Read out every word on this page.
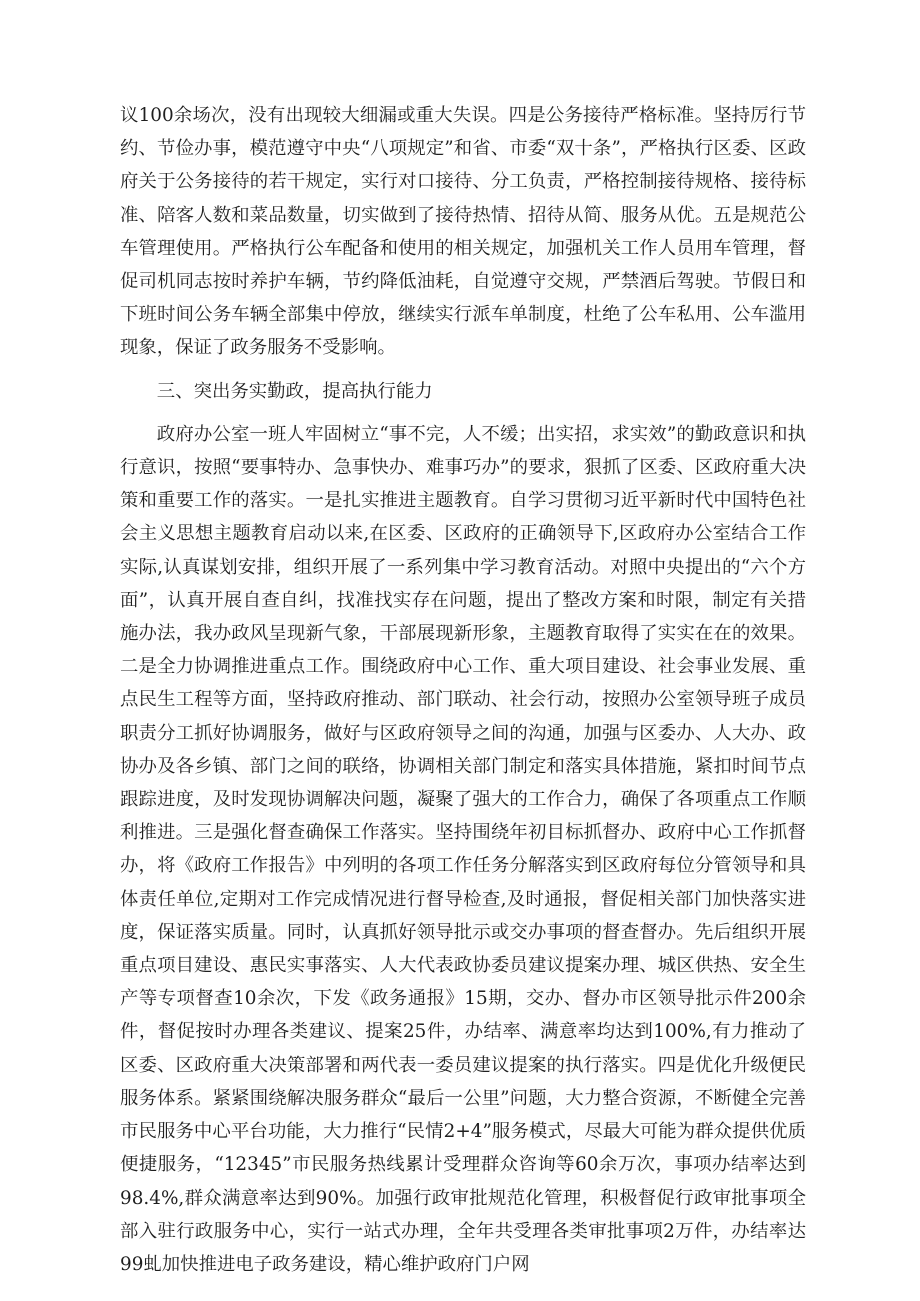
议100余场次，没有出现较大细漏或重大失误。四是公务接待严格标准。坚持厉行节约、节俭办事，模范遵守中央“八项规定”和省、市委“双十条”，严格执行区委、区政府关于公务接待的若干规定，实行对口接待、分工负责，严格控制接待规格、接待标准、陪客人数和菜品数量，切实做到了接待热情、招待从简、服务从优。五是规范公车管理使用。严格执行公车配备和使用的相关规定，加强机关工作人员用车管理，督促司机同志按时养护车辆，节约降低油耗，自觉遵守交规，严禁酒后驾驶。节假日和下班时间公务车辆全部集中停放，继续实行派车单制度，杜绝了公车私用、公车滥用现象，保证了政务服务不受影响。

三、突出务实勤政，提高执行能力

政府办公室一班人牢固树立“事不完，人不缓；出实招，求实效”的勤政意识和执行意识，按照“要事特办、急事快办、难事巧办”的要求，狠抓了区委、区政府重大决策和重要工作的落实。一是扎实推进主题教育。自学习贯彻习近平新时代中国特色社会主义思想主题教育启动以来,在区委、区政府的正确领导下,区政府办公室结合工作实际,认真谋划安排，组织开展了一系列集中学习教育活动。对照中央提出的“六个方面”，认真开展自查自纠，找准找实存在问题，提出了整改方案和时限，制定有关措施办法，我办政风呈现新气象，干部展现新形象，主题教育取得了实实在在的效果。二是全力协调推进重点工作。围绕政府中心工作、重大项目建设、社会事业发展、重点民生工程等方面，坚持政府推动、部门联动、社会行动，按照办公室领导班子成员职责分工抓好协调服务，做好与区政府领导之间的沟通，加强与区委办、人大办、政协办及各乡镇、部门之间的联络，协调相关部门制定和落实具体措施，紧扣时间节点跟踪进度，及时发现协调解决问题，凝聚了强大的工作合力，确保了各项重点工作顺利推进。三是强化督查确保工作落实。坚持围绕年初目标抓督办、政府中心工作抓督办，将《政府工作报告》中列明的各项工作任务分解落实到区政府每位分管领导和具体责任单位,定期对工作完成情况进行督导检查,及时通报，督促相关部门加快落实进度，保证落实质量。同时，认真抓好领导批示或交办事项的督查督办。先后组织开展重点项目建设、惠民实事落实、人大代表政协委员建议提案办理、城区供热、安全生产等专项督查10余次，下发《政务通报》15期，交办、督办市区领导批示件200余件，督促按时办理各类建议、提案25件，办结率、满意率均达到100%,有力推动了区委、区政府重大决策部署和两代表一委员建议提案的执行落实。四是优化升级便民服务体系。紧紧围绕解决服务群众“最后一公里”问题，大力整合资源，不断健全完善市民服务中心平台功能，大力推行“民情2+4”服务模式，尽最大可能为群众提供优质便捷服务，“12345”市民服务热线累计受理群众咨询等60余万次，事项办结率达到98.4%,群众满意率达到90%。加强行政审批规范化管理，积极督促行政审批事项全部入驻行政服务中心，实行一站式办理，全年共受理各类审批事项2万件，办结率达99虬加快推进电子政务建设，精心维护政府门户网
